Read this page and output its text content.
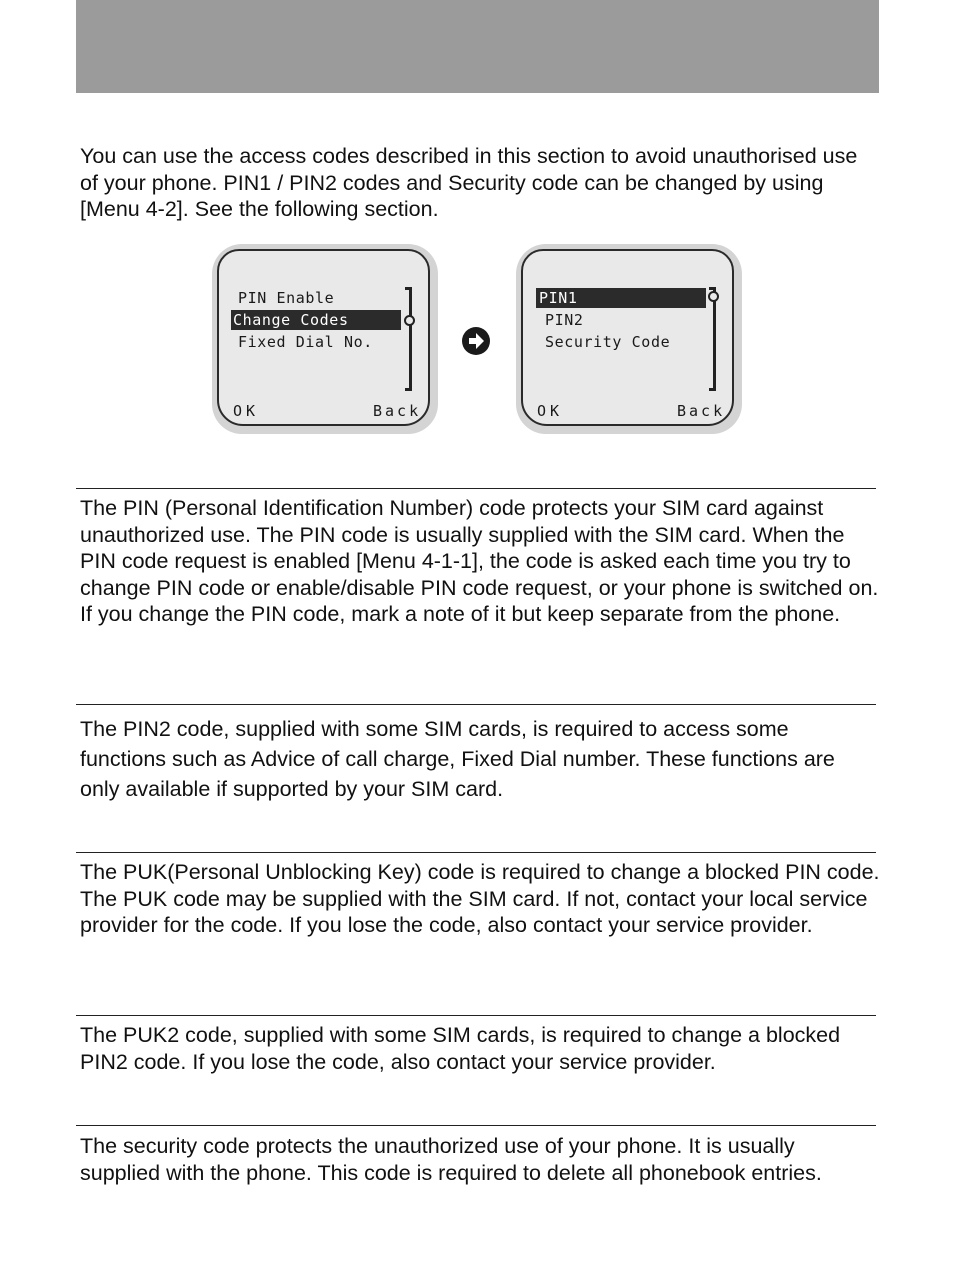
You can use the access codes described in this section to avoid unauthorised use of your phone. PIN1 / PIN2 codes and Security code can be changed by using [Menu 4-2]. See the following section.

PIN Enable
Change Codes
Fixed Dial No.
OK	Back
PIN1
PIN2
Security Code
OK	Back

The PIN (Personal Identification Number) code protects your SIM card against unauthorized use. The PIN code is usually supplied with the SIM card. When the PIN code request is enabled [Menu 4-1-1], the code is asked each time you try to change PIN code or enable/disable PIN code request, or your phone is switched on. If you change the PIN code, mark a note of it but keep separate from the phone.

The PIN2 code, supplied with some SIM cards, is required to access some functions such as Advice of call charge, Fixed Dial number. These functions are only available if supported by your SIM card.

The PUK(Personal Unblocking Key) code is required to change a blocked PIN code. The PUK code may be supplied with the SIM card. If not, contact your local service provider for the code. If you lose the code, also contact your service provider.

The PUK2 code, supplied with some SIM cards, is required to change a blocked PIN2 code. If you lose the code, also contact your service provider.

The security code protects the unauthorized use of your phone. It is usually supplied with the phone. This code is required to delete all phonebook entries.
